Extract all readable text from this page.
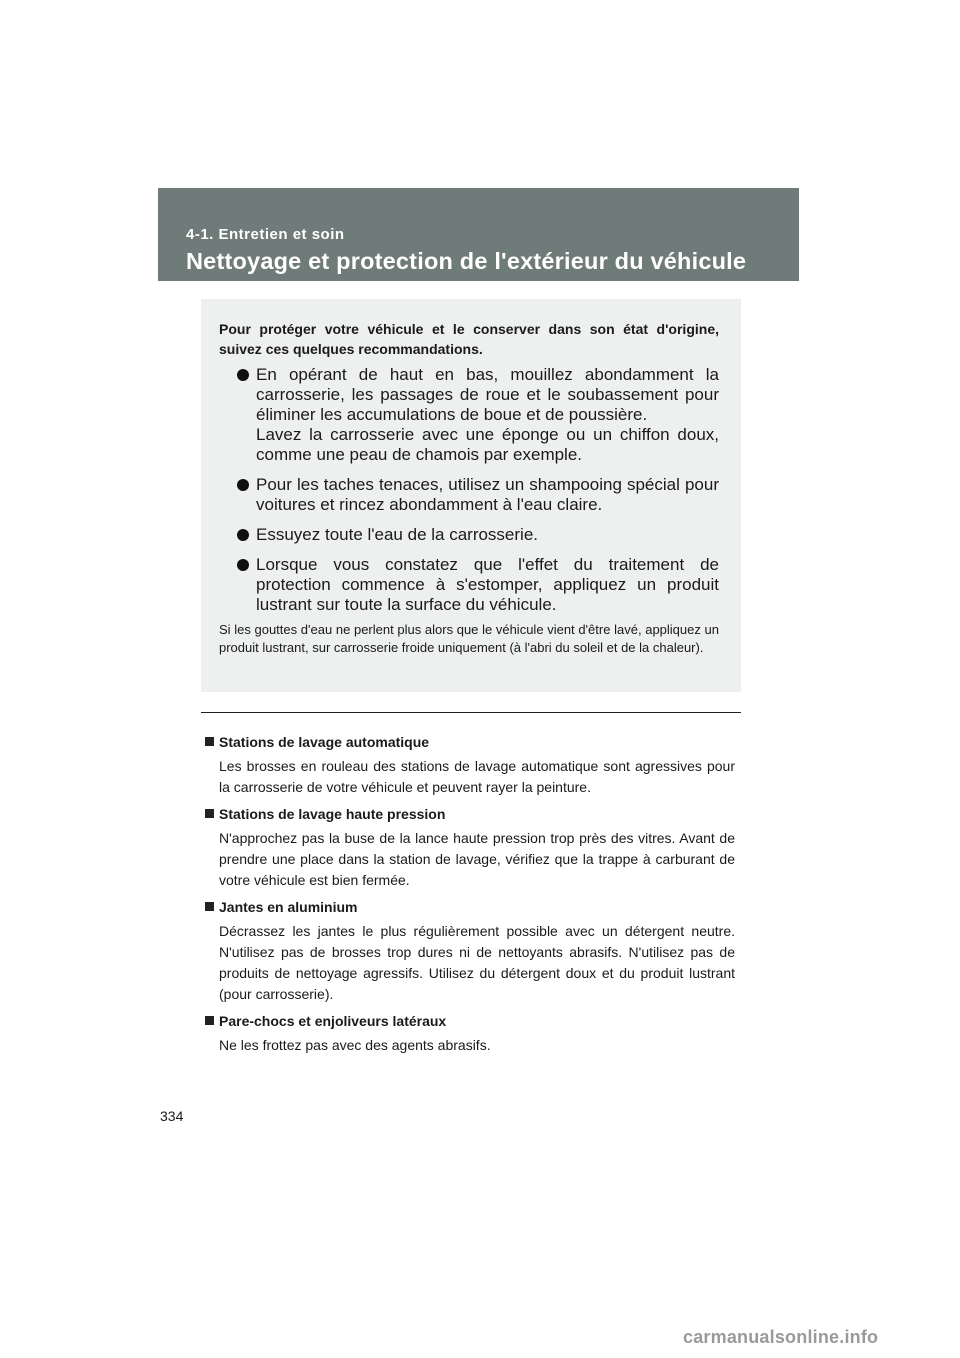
4-1. Entretien et soin
Nettoyage et protection de l'extérieur du véhicule
Pour protéger votre véhicule et le conserver dans son état d'origine, suivez ces quelques recommandations.
En opérant de haut en bas, mouillez abondamment la carrosserie, les passages de roue et le soubassement pour éliminer les accumulations de boue et de poussière.
Lavez la carrosserie avec une éponge ou un chiffon doux, comme une peau de chamois par exemple.
Pour les taches tenaces, utilisez un shampooing spécial pour voitures et rincez abondamment à l'eau claire.
Essuyez toute l'eau de la carrosserie.
Lorsque vous constatez que l'effet du traitement de protection commence à s'estomper, appliquez un produit lustrant sur toute la surface du véhicule.
Si les gouttes d'eau ne perlent plus alors que le véhicule vient d'être lavé, appliquez un produit lustrant, sur carrosserie froide uniquement (à l'abri du soleil et de la chaleur).
Stations de lavage automatique
Les brosses en rouleau des stations de lavage automatique sont agressives pour la carrosserie de votre véhicule et peuvent rayer la peinture.
Stations de lavage haute pression
N'approchez pas la buse de la lance haute pression trop près des vitres. Avant de prendre une place dans la station de lavage, vérifiez que la trappe à carburant de votre véhicule est bien fermée.
Jantes en aluminium
Décrassez les jantes le plus régulièrement possible avec un détergent neutre. N'utilisez pas de brosses trop dures ni de nettoyants abrasifs. N'utilisez pas de produits de nettoyage agressifs. Utilisez du détergent doux et du produit lustrant (pour carrosserie).
Pare-chocs et enjoliveurs latéraux
Ne les frottez pas avec des agents abrasifs.
334
carmanualsonline.info
